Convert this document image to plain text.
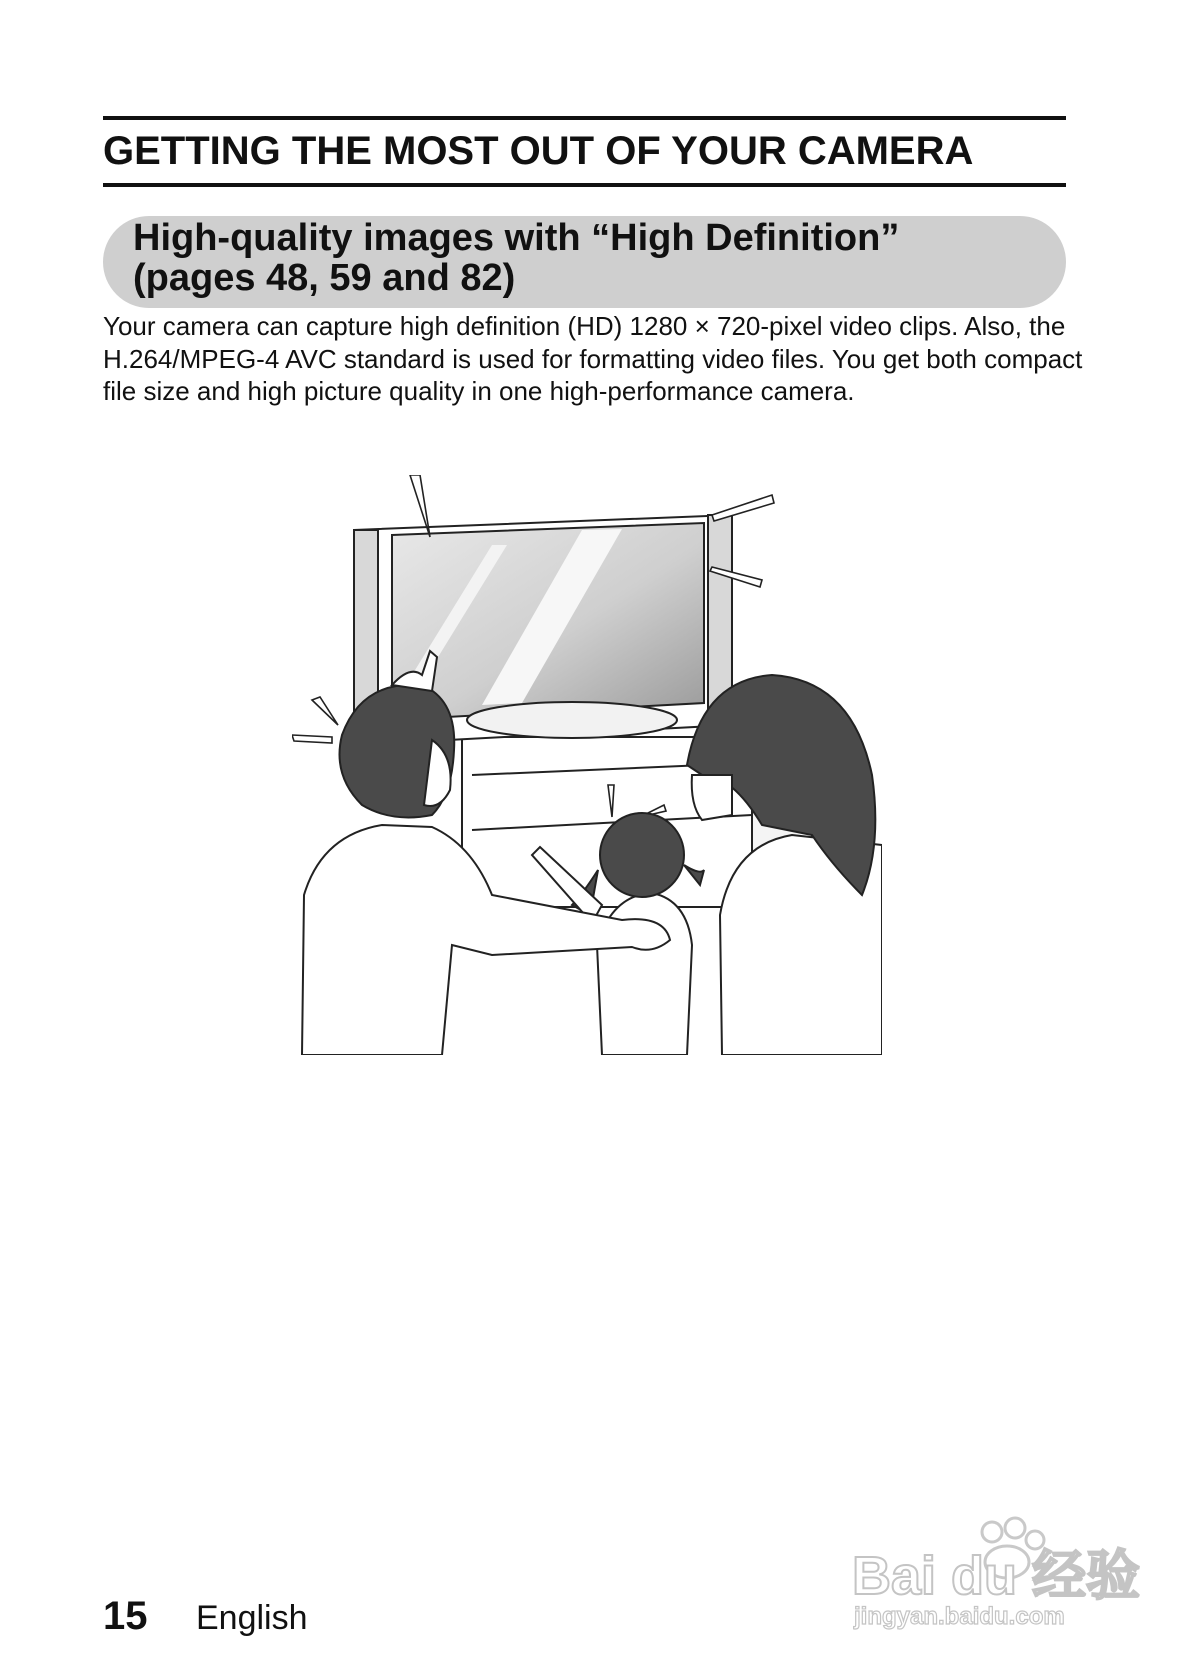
GETTING THE MOST OUT OF YOUR CAMERA
High-quality images with “High Definition”
(pages 48, 59 and 82)

Your camera can capture high definition (HD) 1280 × 720-pixel video clips. Also, the H.264/MPEG-4 AVC standard is used for formatting video files. You get both compact file size and high picture quality in one high-performance camera.

15 English
Bai du 经验
jingyan.baidu.com
